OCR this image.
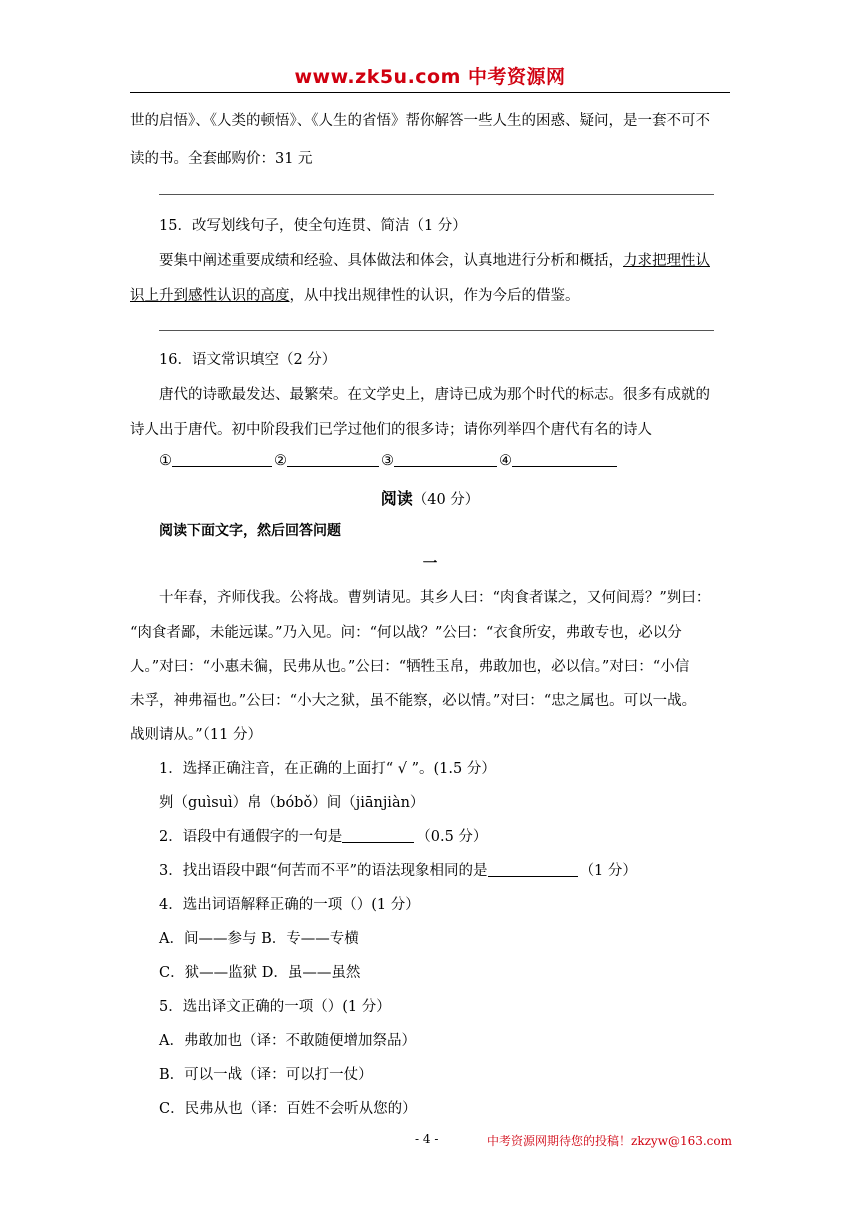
www.zk5u.com 中考资源网
世的启悟》、《人类的顿悟》、《人生的省悟》帮你解答一些人生的困惑、疑问，是一套不可不
读的书。全套邮购价：31 元
15．改写划线句子，使全句连贯、简洁（1 分）
要集中阐述重要成绩和经验、具体做法和体会，认真地进行分析和概括，力求把理性认
识上升到感性认识的高度，从中找出规律性的认识，作为今后的借鉴。
16．语文常识填空（2 分）
唐代的诗歌最发达、最繁荣。在文学史上，唐诗已成为那个时代的标志。很多有成就的
诗人出于唐代。初中阶段我们已学过他们的很多诗；请你列举四个唐代有名的诗人
①	②	③	④
阅读（40 分）
阅读下面文字，然后回答问题
一
十年春，齐师伐我。公将战。曹刿请见。其乡人曰：“肉食者谋之，又何间焉？”刿曰：
“肉食者鄙，未能远谋。”乃入见。问：“何以战？”公曰：“衣食所安，弗敢专也，必以分
人。”对曰：“小惠未徧，民弗从也。”公曰：“牺牲玉帛，弗敢加也，必以信。”对曰：“小信
未孚，神弗福也。”公曰：“小大之狱，虽不能察，必以情。”对曰：“忠之属也。可以一战。
战则请从。”（11 分）
1．选择正确注音，在正确的上面打“ √ ”。(1.5 分）
刿（guìsuì）帛（bóbǒ）间（jiānjiàn）
2．语段中有通假字的一句是	（0.5 分）
3．找出语段中跟“何苦而不平”的语法现象相同的是	（1 分）
4．选出词语解释正确的一项（）(1 分）
A．间——参与 B．专——专横
C．狱——监狱 D．虽——虽然
5．选出译文正确的一项（）(1 分）
A．弗敢加也（译：不敢随便增加祭品）
B．可以一战（译：可以打一仗）
C．民弗从也（译：百姓不会听从您的）
- 4 -	中考资源网期待您的投稿！zkzyw@163.com
